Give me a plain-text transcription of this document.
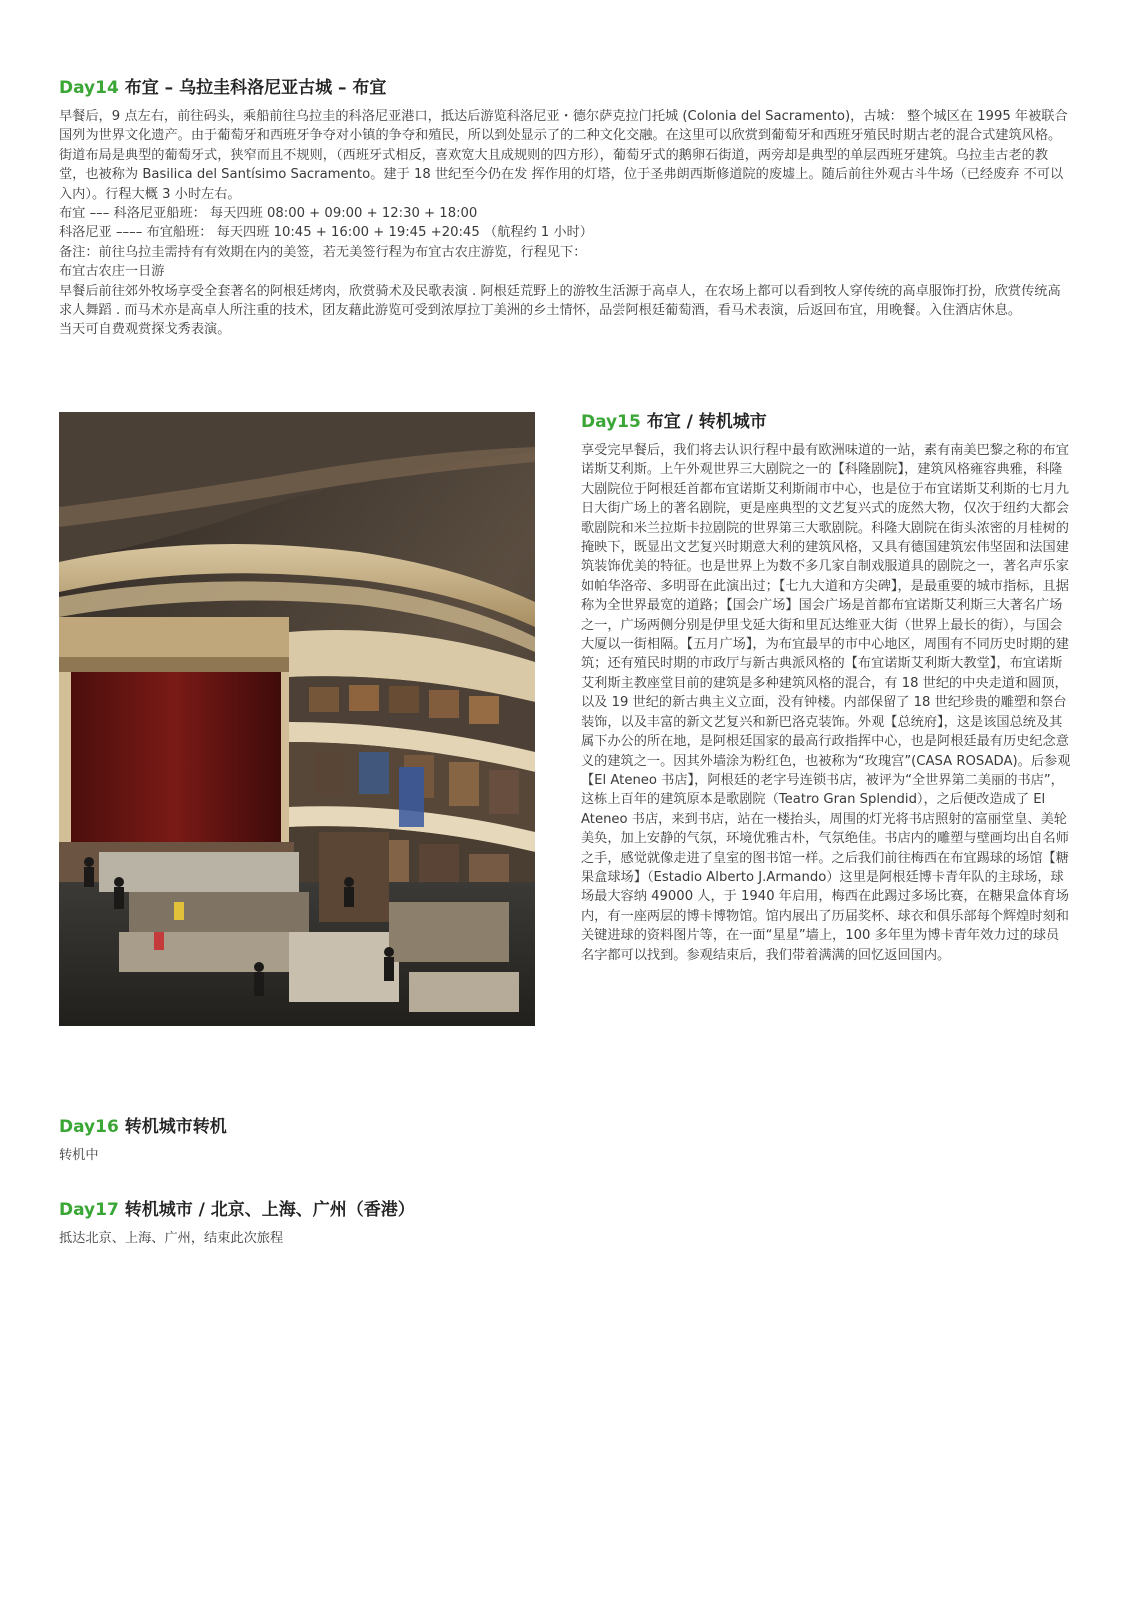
Day14 布宜 – 乌拉圭科洛尼亚古城 – 布宜

早餐后，9 点左右，前往码头，乘船前往乌拉圭的科洛尼亚港口，抵达后游览科洛尼亚・德尔萨克拉门托城 (Colonia del Sacramento)，古城： 整个城区在 1995 年被联合国列为世界文化遗产。由于葡萄牙和西班牙争夺对小镇的争夺和殖民，所以到处显示了的二种文化交融。在这里可以欣赏到葡萄牙和西班牙殖民时期古老的混合式建筑风格。街道布局是典型的葡萄牙式，狭窄而且不规则，（西班牙式相反，喜欢宽大且成规则的四方形），葡萄牙式的鹅卵石街道，两旁却是典型的单层西班牙建筑。乌拉圭古老的教堂，也被称为 Basilica del Santísimo Sacramento。建于 18 世纪至今仍在发 挥作用的灯塔，位于圣弗朗西斯修道院的废墟上。随后前往外观古斗牛场（已经废弃 不可以入内）。行程大概 3 小时左右。

布宜 ––– 科洛尼亚船班： 每天四班 08:00 + 09:00 + 12:30 + 18:00

科洛尼亚 –––– 布宜船班： 每天四班 10:45 + 16:00 + 19:45 +20:45 （航程约 1 小时）

备注：前往乌拉圭需持有有效期在内的美签，若无美签行程为布宜古农庄游览，行程见下：

布宜古农庄一日游

早餐后前往郊外牧场享受全套著名的阿根廷烤肉，欣赏骑术及民歌表演 . 阿根廷荒野上的游牧生活源于高卓人，在农场上都可以看到牧人穿传统的高卓服饰打扮，欣赏传统高求人舞蹈 . 而马术亦是高卓人所注重的技术，团友藉此游览可受到浓厚拉丁美洲的乡土情怀，品尝阿根廷葡萄酒，看马术表演，后返回布宜，用晚餐。入住酒店休息。

当天可自费观赏探戈秀表演。

Day15 布宜 / 转机城市
享受完早餐后，我们将去认识行程中最有欧洲味道的一站，素有南美巴黎之称的布宜诺斯艾利斯。上午外观世界三大剧院之一的【科隆剧院】，建筑风格雍容典雅，科隆大剧院位于阿根廷首都布宜诺斯艾利斯闹市中心，也是位于布宜诺斯艾利斯的七月九日大街广场上的著名剧院，更是座典型的文艺复兴式的庞然大物，仅次于纽约大都会歌剧院和米兰拉斯卡拉剧院的世界第三大歌剧院。科隆大剧院在街头浓密的月桂树的掩映下，既显出文艺复兴时期意大利的建筑风格，又具有德国建筑宏伟坚固和法国建筑装饰优美的特征。也是世界上为数不多几家自制戏服道具的剧院之一，著名声乐家如帕华洛帝、多明哥在此演出过；【七九大道和方尖碑】，是最重要的城市指标，且据称为全世界最宽的道路；【国会广场】国会广场是首都布宜诺斯艾利斯三大著名广场之一，广场两侧分别是伊里戈延大街和里瓦达维亚大街（世界上最长的街），与国会大厦以一街相隔。【五月广场】，为布宜最早的市中心地区，周围有不同历史时期的建筑；还有殖民时期的市政厅与新古典派风格的【布宜诺斯艾利斯大教堂】，布宜诺斯艾利斯主教座堂目前的建筑是多种建筑风格的混合，有 18 世纪的中央走道和圆顶，以及 19 世纪的新古典主义立面，没有钟楼。内部保留了 18 世纪珍贵的雕塑和祭台装饰，以及丰富的新文艺复兴和新巴洛克装饰。外观【总统府】，这是该国总统及其属下办公的所在地，是阿根廷国家的最高行政指挥中心，也是阿根廷最有历史纪念意义的建筑之一。因其外墙涂为粉红色，也被称为“玫瑰宫”(CASA ROSADA)。后参观【El Ateneo 书店】，阿根廷的老字号连锁书店，被评为“全世界第二美丽的书店”，这栋上百年的建筑原本是歌剧院（Teatro Gran Splendid），之后便改造成了 El Ateneo 书店，来到书店，站在一楼抬头，周围的灯光将书店照射的富丽堂皇、美轮美奂，加上安静的气氛，环境优雅古朴，气氛绝佳。书店内的雕塑与壁画均出自名师之手，感觉就像走进了皇室的图书馆一样。之后我们前往梅西在布宜踢球的场馆【糖果盒球场】（Estadio Alberto J.Armando）这里是阿根廷博卡青年队的主球场，球场最大容纳 49000 人，于 1940 年启用，梅西在此踢过多场比赛，在糖果盒体育场内，有一座两层的博卡博物馆。馆内展出了历届奖杯、球衣和俱乐部每个辉煌时刻和关键进球的资料图片等，在一面“星星”墙上，100 多年里为博卡青年效力过的球员名字都可以找到。参观结束后，我们带着满满的回忆返回国内。
Day16 转机城市转机
转机中
Day17 转机城市 / 北京、上海、广州（香港）
抵达北京、上海、广州，结束此次旅程
